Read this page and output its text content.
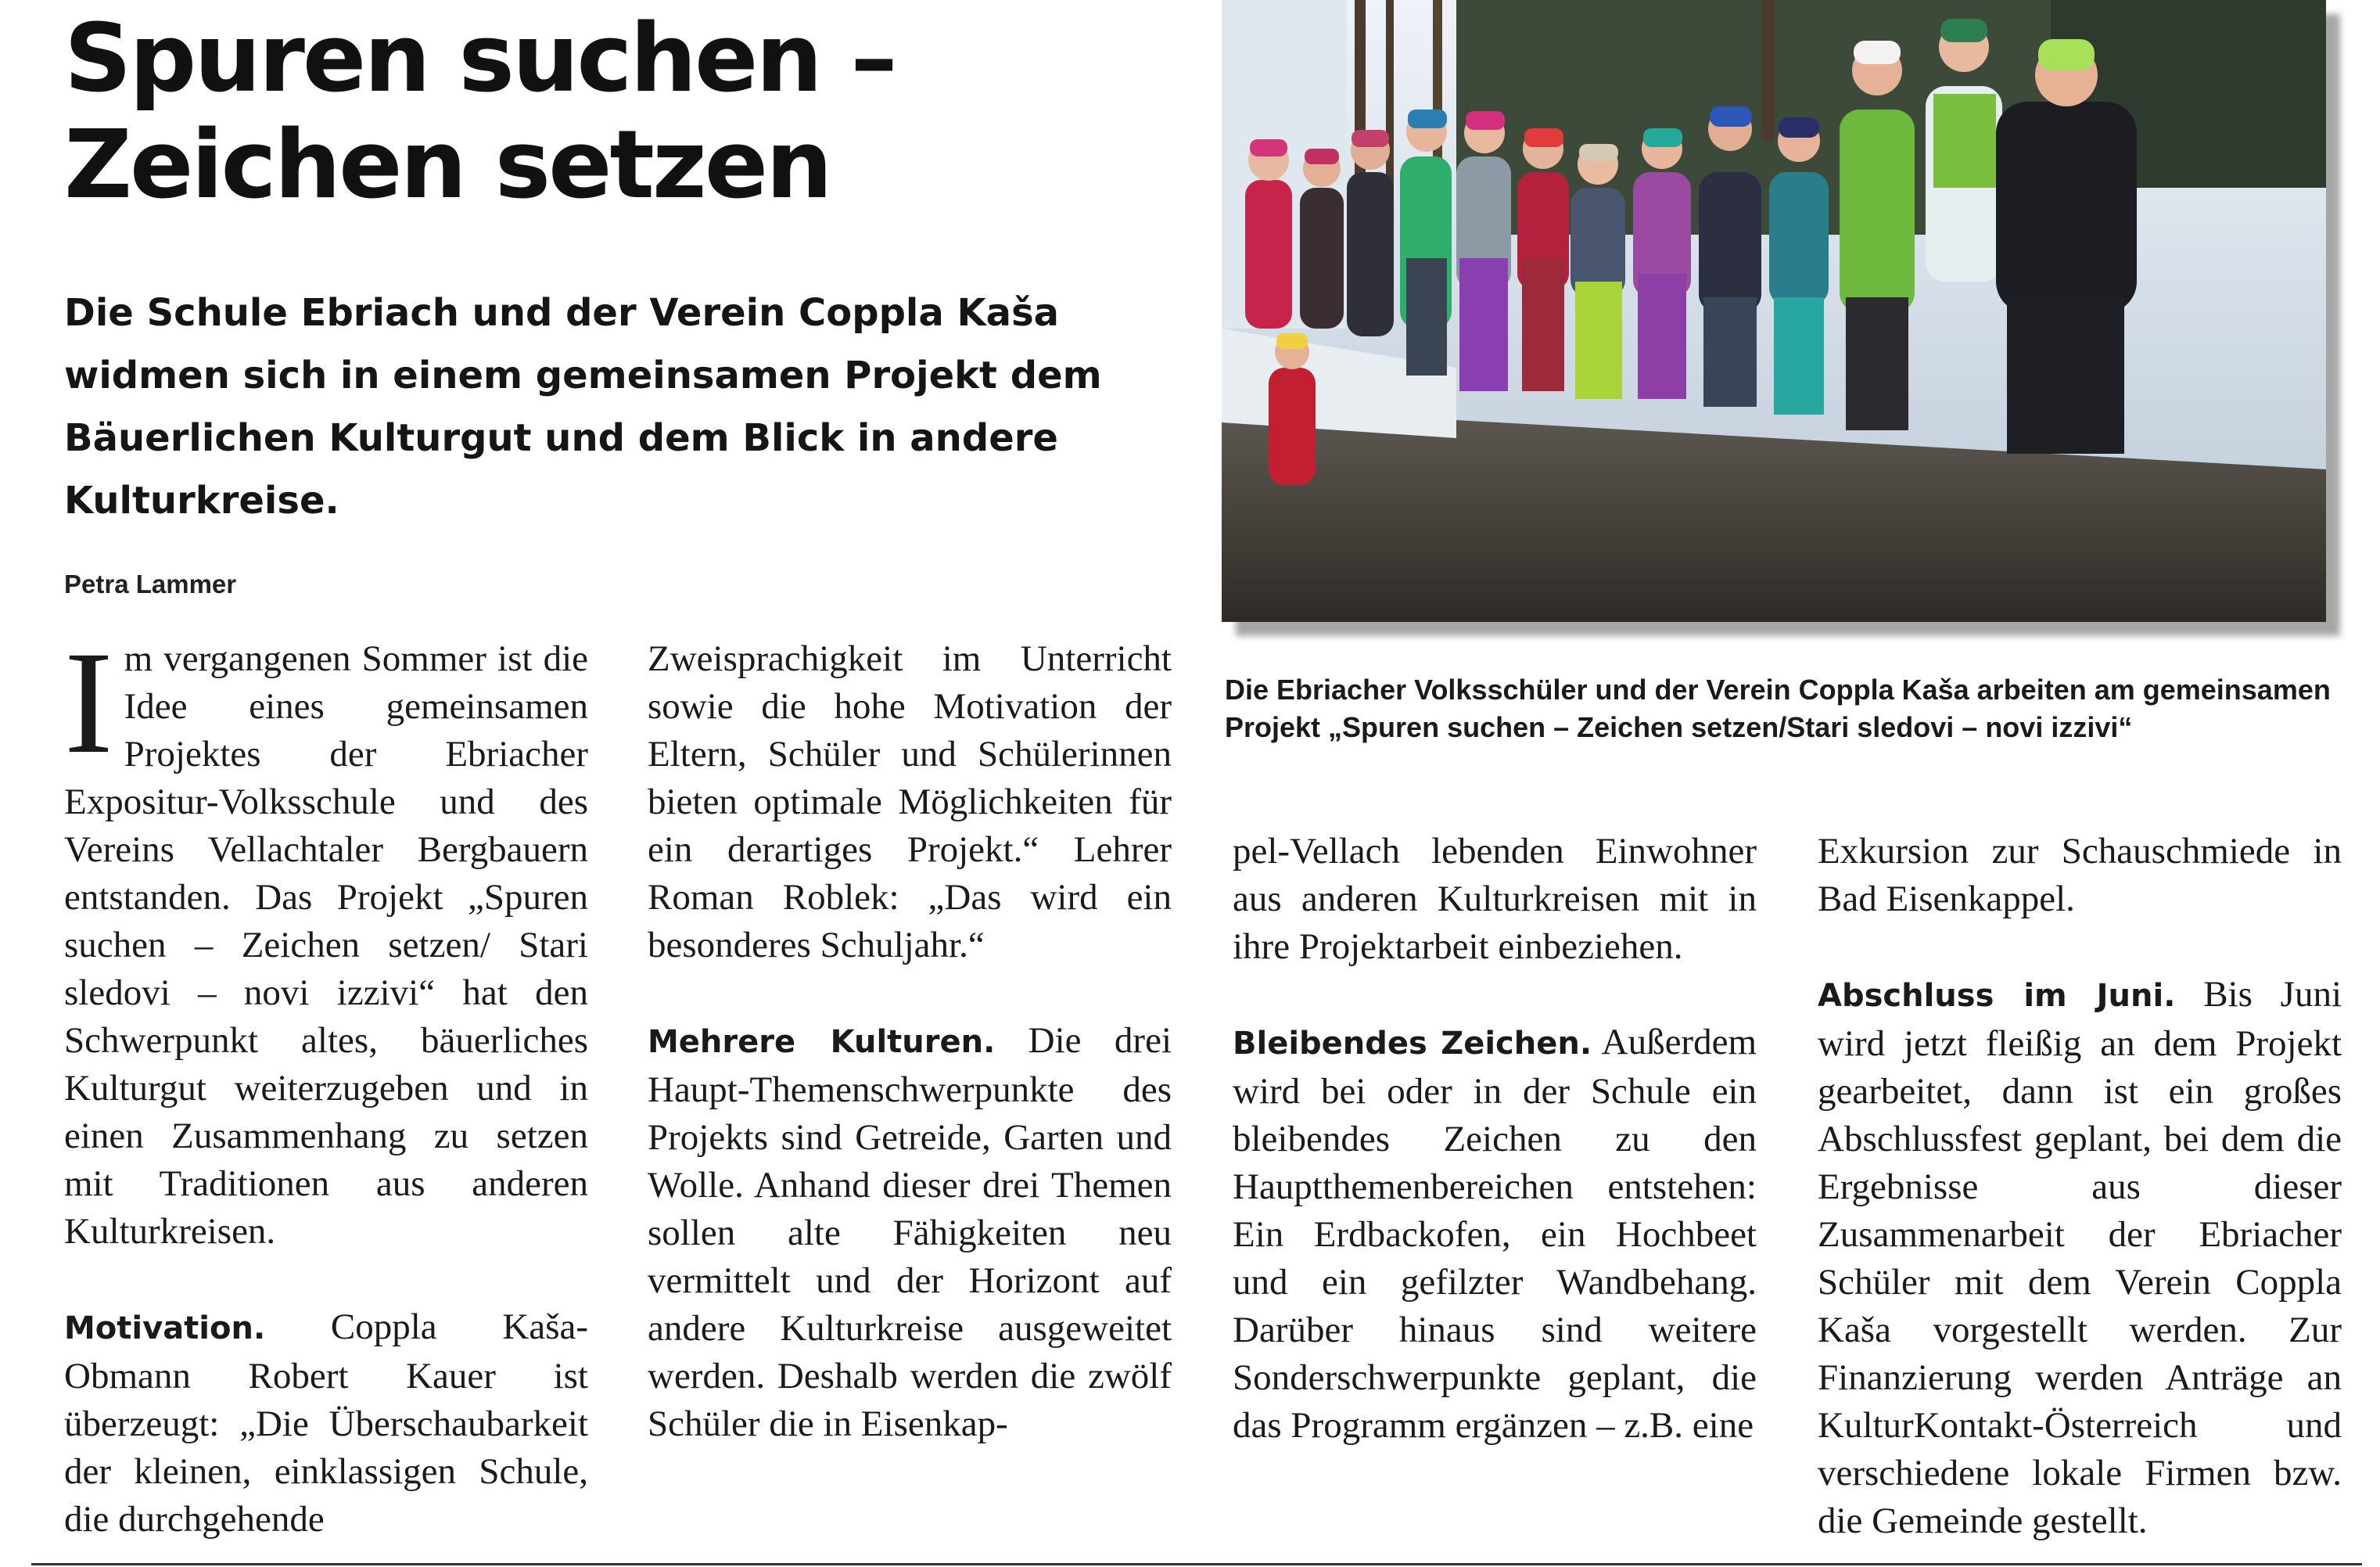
Spuren suchen –
Zeichen setzen

Die Schule Ebriach und der Verein Coppla Kaša widmen sich in einem gemeinsamen Projekt dem Bäuerlichen Kulturgut und dem Blick in andere Kulturkreise.

Petra Lammer

Die Ebriacher Volksschüler und der Verein Coppla Kaša arbeiten am gemeinsamen Projekt „Spuren suchen – Zeichen setzen/Stari sledovi – novi izzivi“

Im vergangenen Sommer ist die Idee eines gemeinsamen Projektes der Ebriacher Expositur-Volksschule und des Vereins Vellachtaler Bergbauern entstanden. Das Projekt „Spuren suchen – Zeichen setzen/ Stari sledovi – novi izzivi“ hat den Schwerpunkt altes, bäuerliches Kulturgut weiterzugeben und in einen Zusammenhang zu setzen mit Traditionen aus anderen Kulturkreisen.

Motivation. Coppla Kaša-Obmann Robert Kauer ist überzeugt: „Die Überschaubarkeit der kleinen, einklassigen Schule, die durchgehende

Zweisprachigkeit im Unterricht sowie die hohe Motivation der Eltern, Schüler und Schülerinnen bieten optimale Möglichkeiten für ein derartiges Projekt.“ Lehrer Roman Roblek: „Das wird ein besonderes Schuljahr.“

Mehrere Kulturen. Die drei Haupt-Themenschwerpunkte des Projekts sind Getreide, Garten und Wolle. Anhand dieser drei Themen sollen alte Fähigkeiten neu vermittelt und der Horizont auf andere Kulturkreise ausgeweitet werden. Deshalb werden die zwölf Schüler die in Eisenkap-

pel-Vellach lebenden Einwohner aus anderen Kulturkreisen mit in ihre Projektarbeit einbeziehen.

Bleibendes Zeichen. Außerdem wird bei oder in der Schule ein bleibendes Zeichen zu den Hauptthemenbereichen entstehen: Ein Erdbackofen, ein Hochbeet und ein gefilzter Wandbehang. Darüber hinaus sind weitere Sonderschwerpunkte geplant, die das Programm ergänzen – z.B. eine

Exkursion zur Schauschmiede in Bad Eisenkappel.

Abschluss im Juni. Bis Juni wird jetzt fleißig an dem Projekt gearbeitet, dann ist ein großes Abschlussfest geplant, bei dem die Ergebnisse aus dieser Zusammenarbeit der Ebriacher Schüler mit dem Verein Coppla Kaša vorgestellt werden. Zur Finanzierung werden Anträge an KulturKontakt-Österreich und verschiedene lokale Firmen bzw. die Gemeinde gestellt.
